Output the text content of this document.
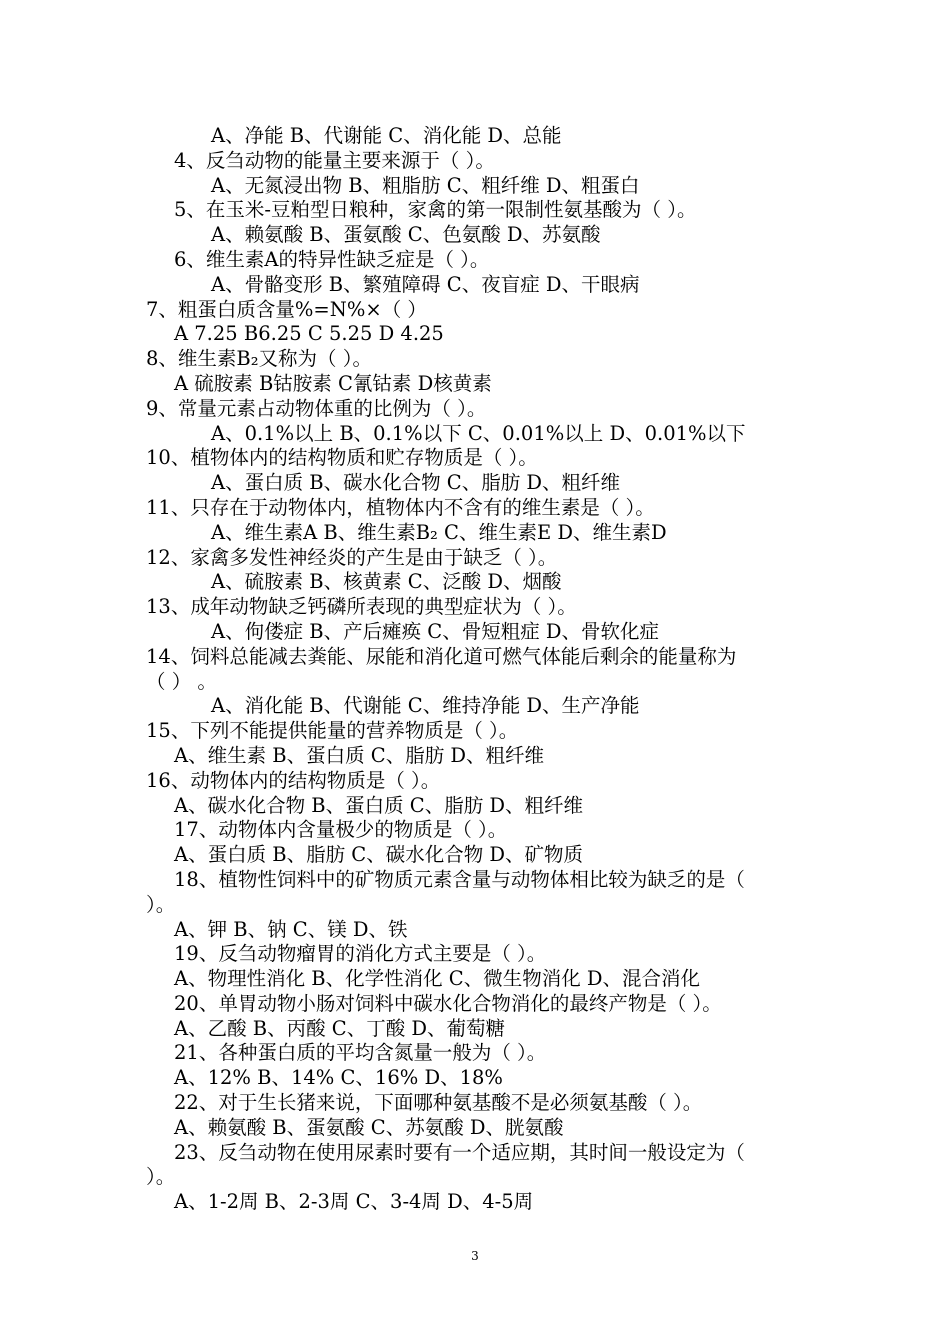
A、净能 B、代谢能 C、消化能 D、总能
4、反刍动物的能量主要来源于（ ）。
A、无氮浸出物 B、粗脂肪 C、粗纤维 D、粗蛋白
5、在玉米-豆粕型日粮种，家禽的第一限制性氨基酸为（ ）。
A、赖氨酸 B、蛋氨酸 C、色氨酸 D、苏氨酸
6、维生素A的特异性缺乏症是（ ）。
A、骨骼变形 B、繁殖障碍 C、夜盲症 D、干眼病
7、粗蛋白质含量%=N%×（ ）
A 7.25 B6.25 C 5.25 D 4.25
8、维生素B₂又称为（ ）。
A 硫胺素 B钴胺素 C氰钴素 D核黄素
9、常量元素占动物体重的比例为（ ）。
A、0.1%以上 B、0.1%以下 C、0.01%以上 D、0.01%以下
10、植物体内的结构物质和贮存物质是（ ）。
A、蛋白质 B、碳水化合物 C、脂肪 D、粗纤维
11、只存在于动物体内，植物体内不含有的维生素是（ ）。
A、维生素A B、维生素B₂ C、维生素E D、维生素D
12、家禽多发性神经炎的产生是由于缺乏（ ）。
A、硫胺素 B、核黄素 C、泛酸 D、烟酸
13、成年动物缺乏钙磷所表现的典型症状为（ ）。
A、佝偻症 B、产后瘫痪 C、骨短粗症 D、骨软化症
14、饲料总能减去粪能、尿能和消化道可燃气体能后剩余的能量称为
（ ） 。
A、消化能 B、代谢能 C、维持净能 D、生产净能
15、下列不能提供能量的营养物质是（ ）。
A、维生素 B、蛋白质 C、脂肪 D、粗纤维
16、动物体内的结构物质是（ ）。
A、碳水化合物 B、蛋白质 C、脂肪 D、粗纤维
17、动物体内含量极少的物质是（ ）。
A、蛋白质 B、脂肪 C、碳水化合物 D、矿物质
18、植物性饲料中的矿物质元素含量与动物体相比较为缺乏的是（
）。
A、钾 B、钠 C、镁 D、铁
19、反刍动物瘤胃的消化方式主要是（ ）。
A、物理性消化 B、化学性消化 C、微生物消化 D、混合消化
20、单胃动物小肠对饲料中碳水化合物消化的最终产物是（ ）。
A、乙酸 B、丙酸 C、丁酸 D、葡萄糖
21、各种蛋白质的平均含氮量一般为（ ）。
A、12% B、14% C、16% D、18%
22、对于生长猪来说，下面哪种氨基酸不是必须氨基酸（ ）。
A、赖氨酸 B、蛋氨酸 C、苏氨酸 D、胱氨酸
23、反刍动物在使用尿素时要有一个适应期，其时间一般设定为（
）。
A、1-2周 B、2-3周 C、3-4周 D、4-5周
3
